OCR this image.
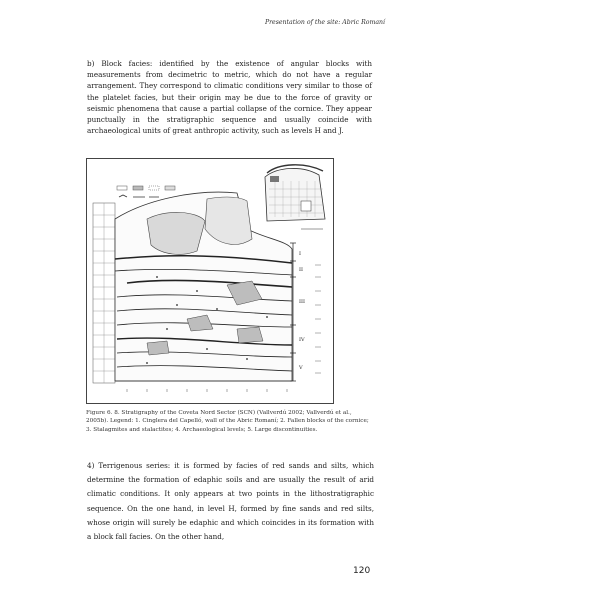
Presentation of the site: Abric Romaní

b) Block facies: identified by the existence of angular blocks with measurements from decimetric to metric, which do not have a regular arrangement. They correspond to climatic conditions very similar to those of the platelet facies, but their origin may be due to the force of gravity or seismic phenomena that cause a partial collapse of the cornice. They appear punctually in the stratigraphic sequence and usually coincide with archaeological units of great anthropic activity, such as levels H and J.

I
II
III
IV
V

Figure 6. 8. Stratigraphy of the Coveta Nord Sector (SCN) (Vallverdú 2002; Vallverdú et al., 2005b). Legend: 1. Cinglera del Capelló, wall of the Abric Romaní; 2. Fallen blocks of the cornice; 3. Stalagmites and stalactites; 4. Archaeological levels; 5. Large discontinuities.

4) Terrigenous series: it is formed by facies of red sands and silts, which determine the formation of edaphic soils and are usually the result of arid climatic conditions. It only appears at two points in the lithostratigraphic sequence. On the one hand, in level H, formed by fine sands and red silts, whose origin will surely be edaphic and which coincides in its formation with a block fall facies. On the other hand,

120
